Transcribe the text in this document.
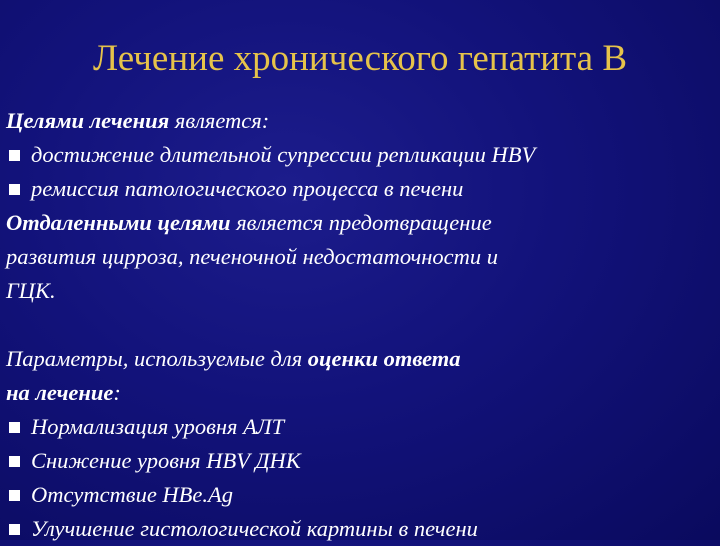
Лечение хронического гепатита В
Целями лечения является:
достижение длительной супрессии репликации HBV
ремиссия патологического процесса в печени
Отдаленными целями является предотвращение
развития цирроза, печеночной недостаточности и
ГЦК.
Параметры, используемые для оценки ответа
на лечение:
Нормализация уровня АЛТ
Снижение уровня HBV ДНК
Отсутствие HBe.Ag
Улучшение гистологической картины в печени
